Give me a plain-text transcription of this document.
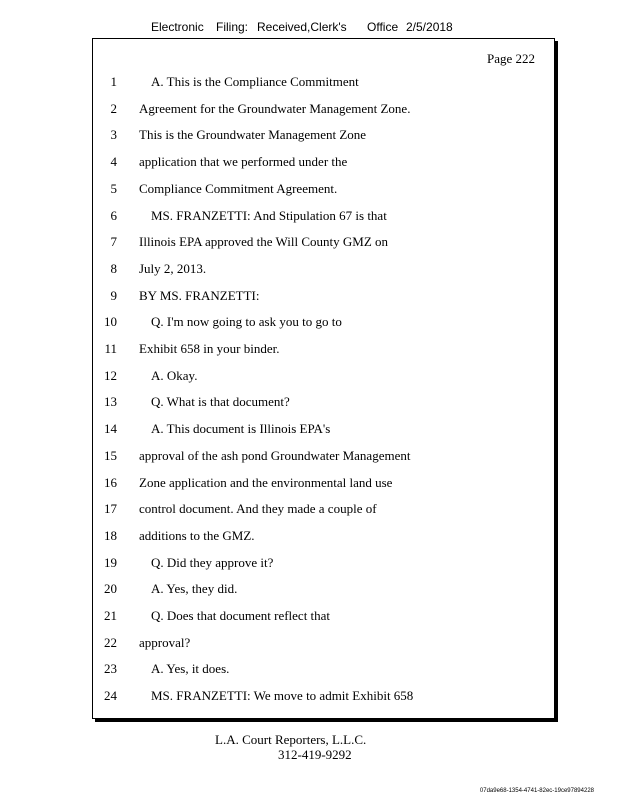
Electronic Filing: Received,Clerk's Office 2/5/2018
Page 222
1	A. This is the Compliance Commitment
2 Agreement for the Groundwater Management Zone.
3 This is the Groundwater Management Zone
4 application that we performed under the
5 Compliance Commitment Agreement.
6	MS. FRANZETTI: And Stipulation 67 is that
7 Illinois EPA approved the Will County GMZ on
8 July 2, 2013.
9 BY MS. FRANZETTI:
10	Q. I'm now going to ask you to go to
11 Exhibit 658 in your binder.
12	A. Okay.
13	Q. What is that document?
14	A. This document is Illinois EPA's
15 approval of the ash pond Groundwater Management
16 Zone application and the environmental land use
17 control document. And they made a couple of
18 additions to the GMZ.
19	Q. Did they approve it?
20	A. Yes, they did.
21	Q. Does that document reflect that
22 approval?
23	A. Yes, it does.
24	MS. FRANZETTI: We move to admit Exhibit 658
L.A. Court Reporters, L.L.C.
312-419-9292
07da9e68-1354-4741-82ec-19ce97894228
